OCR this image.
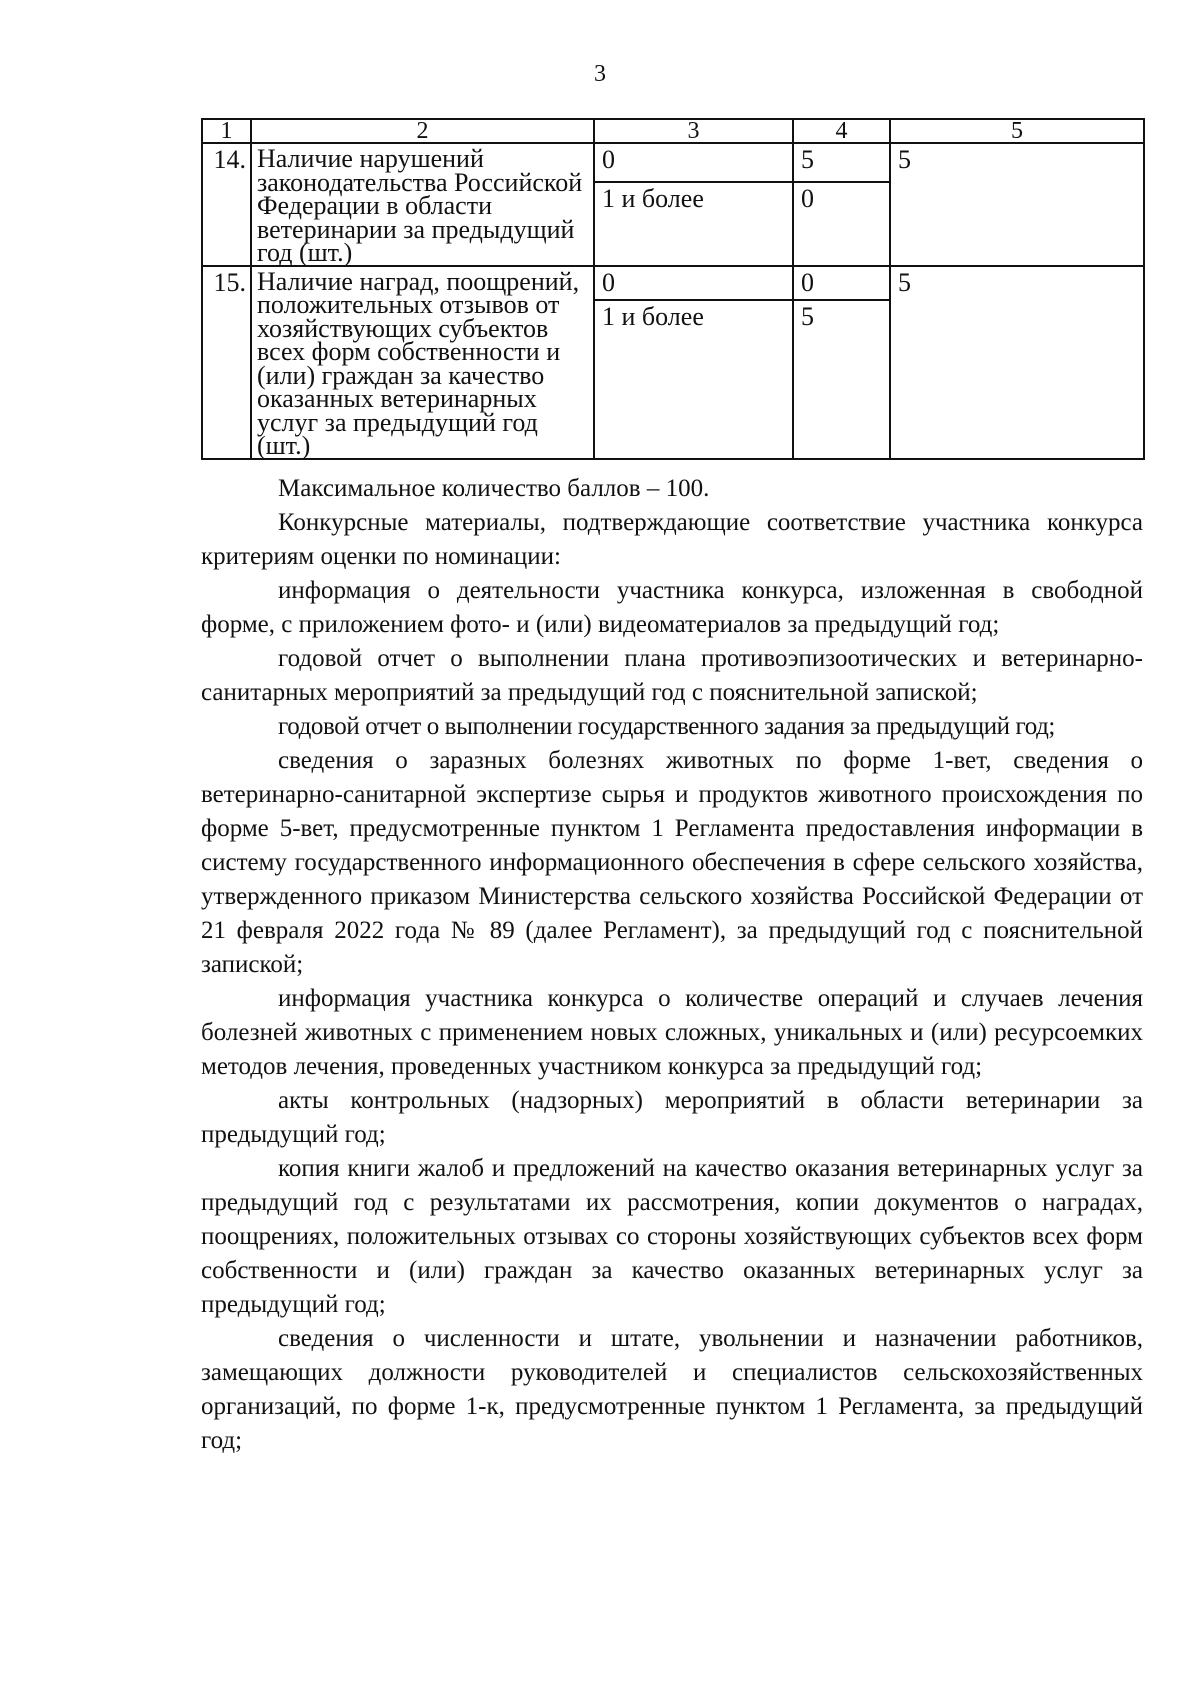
3
1	2	3	4	5
14.	Наличие нарушений законодательства Российской Федерации в области ветеринарии за предыдущий год (шт.)	0	5	5
		1 и более	0	
15.	Наличие наград, поощрений, положительных отзывов от хозяйствующих субъектов всех форм собственности и (или) граждан за качество оказанных ветеринарных услуг за предыдущий год (шт.)	0	0	5
		1 и более	5	

Максимальное количество баллов – 100.

Конкурсные материалы, подтверждающие соответствие участника конкурса критериям оценки по номинации:

информация о деятельности участника конкурса, изложенная в свободной форме, с приложением фото- и (или) видеоматериалов за предыдущий год;

годовой отчет о выполнении плана противоэпизоотических и ветеринарно-санитарных мероприятий за предыдущий год с пояснительной запиской;

годовой отчет о выполнении государственного задания за предыдущий год;

сведения о заразных болезнях животных по форме 1-вет, сведения о ветеринарно-санитарной экспертизе сырья и продуктов животного происхождения по форме 5-вет, предусмотренные пунктом 1 Регламента предоставления информации в систему государственного информационного обеспечения в сфере сельского хозяйства, утвержденного приказом Министерства сельского хозяйства Российской Федерации от 21 февраля 2022 года № 89 (далее Регламент), за предыдущий год с пояснительной запиской;

информация участника конкурса о количестве операций и случаев лечения болезней животных с применением новых сложных, уникальных и (или) ресурсоемких методов лечения, проведенных участником конкурса за предыдущий год;

акты контрольных (надзорных) мероприятий в области ветеринарии за предыдущий год;

копия книги жалоб и предложений на качество оказания ветеринарных услуг за предыдущий год с результатами их рассмотрения, копии документов о наградах, поощрениях, положительных отзывах со стороны хозяйствующих субъектов всех форм собственности и (или) граждан за качество оказанных ветеринарных услуг за предыдущий год;

сведения о численности и штате, увольнении и назначении работников, замещающих должности руководителей и специалистов сельскохозяйственных организаций, по форме 1-к, предусмотренные пунктом 1 Регламента, за предыдущий год;
